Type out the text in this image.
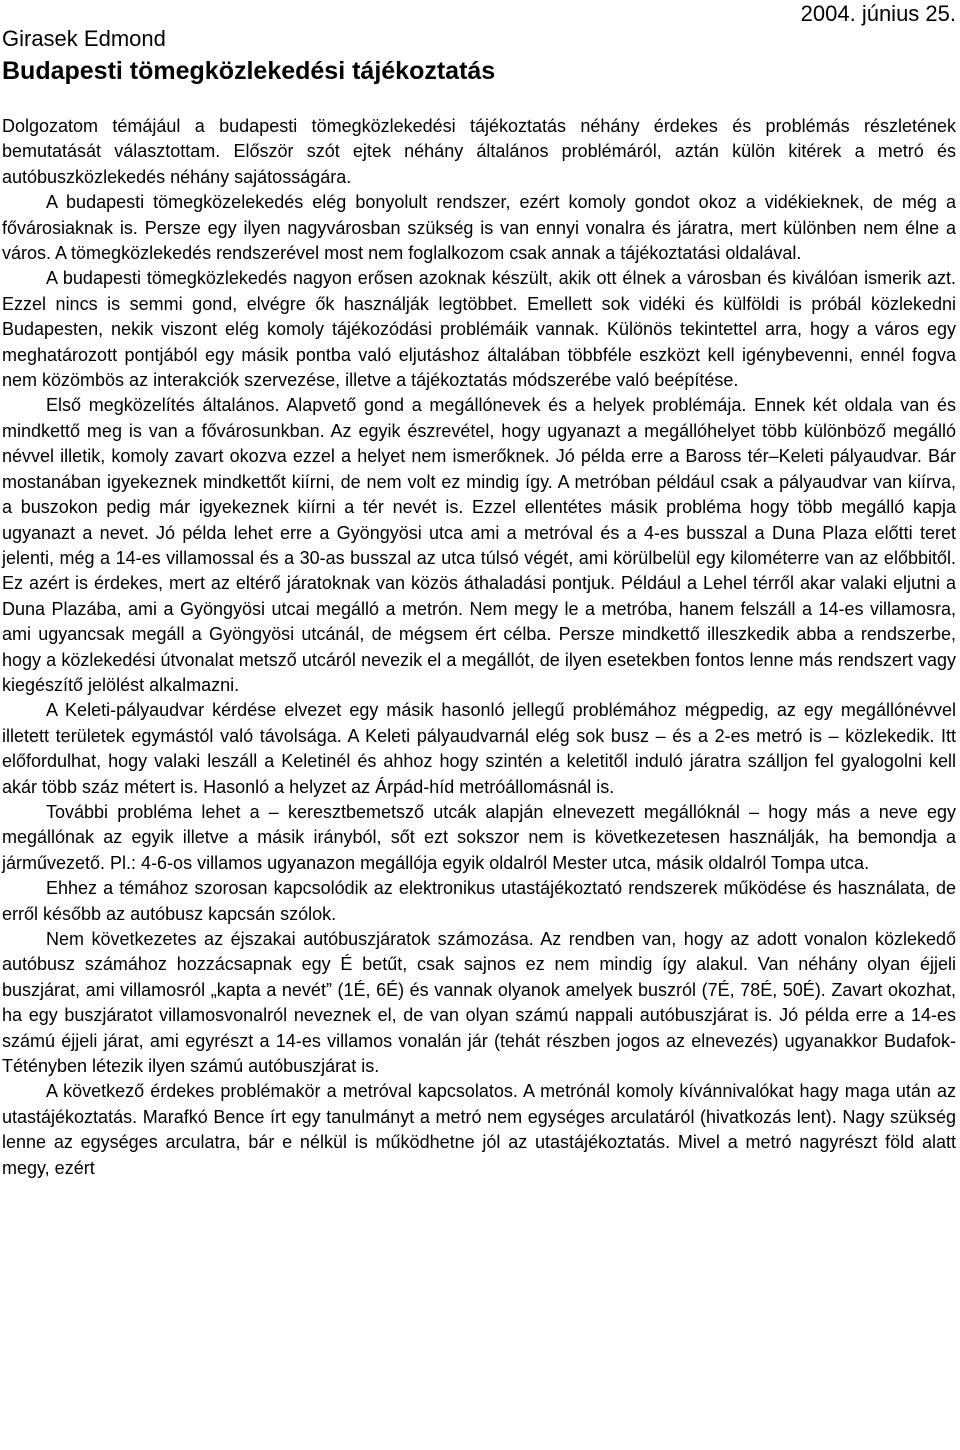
2004. június 25.
Girasek Edmond
Budapesti tömegközlekedési tájékoztatás

Dolgozatom témájául a budapesti tömegközlekedési tájékoztatás néhány érdekes és problémás részletének bemutatását választottam. Először szót ejtek néhány általános problémáról, aztán külön kitérek a metró és autóbuszközlekedés néhány sajátosságára.

A budapesti tömegközelekedés elég bonyolult rendszer, ezért komoly gondot okoz a vidékieknek, de még a fővárosiaknak is. Persze egy ilyen nagyvárosban szükség is van ennyi vonalra és járatra, mert különben nem élne a város. A tömegközlekedés rendszerével most nem foglalkozom csak annak a tájékoztatási oldalával.

A budapesti tömegközlekedés nagyon erősen azoknak készült, akik ott élnek a városban és kiválóan ismerik azt. Ezzel nincs is semmi gond, elvégre ők használják legtöbbet. Emellett sok vidéki és külföldi is próbál közlekedni Budapesten, nekik viszont elég komoly tájékozódási problémáik vannak. Különös tekintettel arra, hogy a város egy meghatározott pontjából egy másik pontba való eljutáshoz általában többféle eszközt kell igénybevenni, ennél fogva nem közömbös az interakciók szervezése, illetve a tájékoztatás módszerébe való beépítése.

Első megközelítés általános. Alapvető gond a megállónevek és a helyek problémája. Ennek két oldala van és mindkettő meg is van a fővárosunkban. Az egyik észrevétel, hogy ugyanazt a megállóhelyet több különböző megálló névvel illetik, komoly zavart okozva ezzel a helyet nem ismerőknek. Jó példa erre a Baross tér–Keleti pályaudvar. Bár mostanában igyekeznek mindkettőt kiírni, de nem volt ez mindig így. A metróban például csak a pályaudvar van kiírva, a buszokon pedig már igyekeznek kiírni a tér nevét is. Ezzel ellentétes másik probléma hogy több megálló kapja ugyanazt a nevet. Jó példa lehet erre a Gyöngyösi utca ami a metróval és a 4-es busszal a Duna Plaza előtti teret jelenti, még a 14-es villamossal és a 30-as busszal az utca túlsó végét, ami körülbelül egy kilométerre van az előbbitől. Ez azért is érdekes, mert az eltérő járatoknak van közös áthaladási pontjuk. Például a Lehel térről akar valaki eljutni a Duna Plazába, ami a Gyöngyösi utcai megálló a metrón. Nem megy le a metróba, hanem felszáll a 14-es villamosra, ami ugyancsak megáll a Gyöngyösi utcánál, de mégsem ért célba. Persze mindkettő illeszkedik abba a rendszerbe, hogy a közlekedési útvonalat metsző utcáról nevezik el a megállót, de ilyen esetekben fontos lenne más rendszert vagy kiegészítő jelölést alkalmazni.

A Keleti-pályaudvar kérdése elvezet egy másik hasonló jellegű problémához mégpedig, az egy megállónévvel illetett területek egymástól való távolsága. A Keleti pályaudvarnál elég sok busz – és a 2-es metró is – közlekedik. Itt előfordulhat, hogy valaki leszáll a Keletinél és ahhoz hogy szintén a keletitől induló járatra szálljon fel gyalogolni kell akár több száz métert is. Hasonló a helyzet az Árpád-híd metróállomásnál is.

További probléma lehet a – keresztbemetsző utcák alapján elnevezett megállóknál – hogy más a neve egy megállónak az egyik illetve a másik irányból, sőt ezt sokszor nem is következetesen használják, ha bemondja a járművezető. Pl.: 4-6-os villamos ugyanazon megállója egyik oldalról Mester utca, másik oldalról Tompa utca.

Ehhez a témához szorosan kapcsolódik az elektronikus utastájékoztató rendszerek működése és használata, de erről később az autóbusz kapcsán szólok.

Nem következetes az éjszakai autóbuszjáratok számozása. Az rendben van, hogy az adott vonalon közlekedő autóbusz számához hozzácsapnak egy É betűt, csak sajnos ez nem mindig így alakul. Van néhány olyan éjjeli buszjárat, ami villamosról „kapta a nevét” (1É, 6É) és vannak olyanok amelyek buszról (7É, 78É, 50É). Zavart okozhat, ha egy buszjáratot villamosvonalról neveznek el, de van olyan számú nappali autóbuszjárat is. Jó példa erre a 14-es számú éjjeli járat, ami egyrészt a 14-es villamos vonalán jár (tehát részben jogos az elnevezés) ugyanakkor Budafok-Tétényben létezik ilyen számú autóbuszjárat is.

A következő érdekes problémakör a metróval kapcsolatos. A metrónál komoly kívánnivalókat hagy maga után az utastájékoztatás. Marafkó Bence írt egy tanulmányt a metró nem egységes arculatáról (hivatkozás lent). Nagy szükség lenne az egységes arculatra, bár e nélkül is működhetne jól az utastájékoztatás. Mivel a metró nagyrészt föld alatt megy, ezért
